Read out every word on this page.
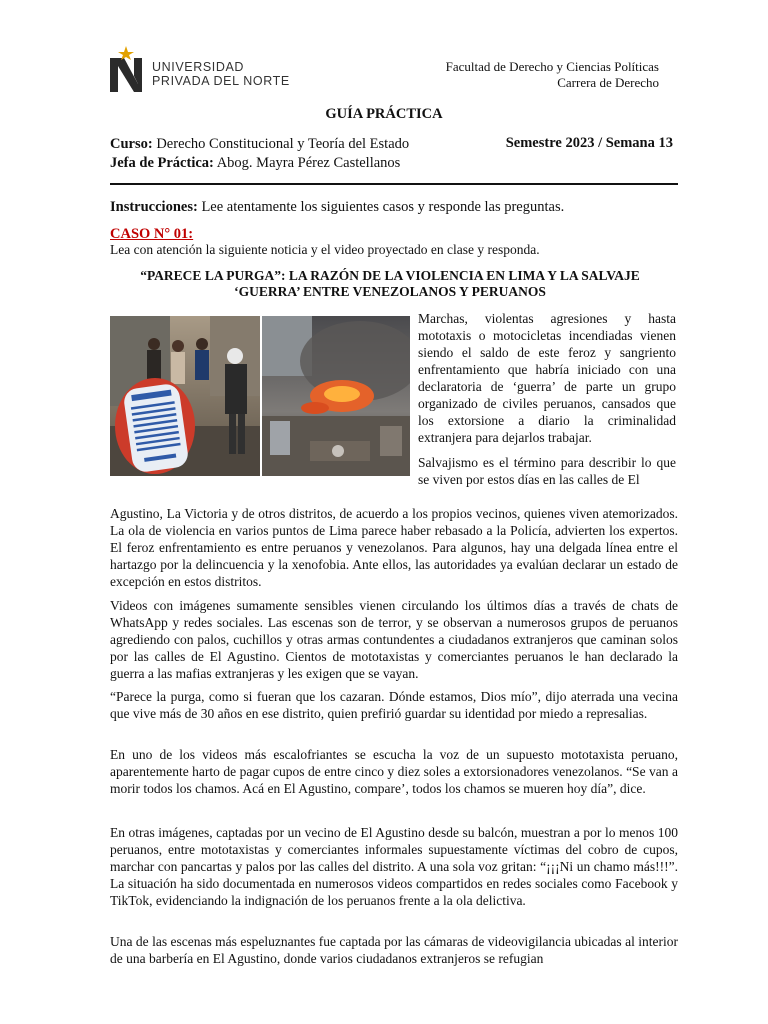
UNIVERSIDAD
PRIVADA DEL NORTE
Facultad de Derecho y Ciencias Políticas
Carrera de Derecho
GUÍA PRÁCTICA
Curso: Derecho Constitucional y Teoría del Estado
Jefa de Práctica: Abog. Mayra Pérez Castellanos
Semestre 2023 / Semana 13
Instrucciones: Lee atentamente los siguientes casos y responde las preguntas.
CASO N° 01:
Lea con atención la siguiente noticia y el video proyectado en clase y responda.
“PARECE LA PURGA”: LA RAZÓN DE LA VIOLENCIA EN LIMA Y LA SALVAJE
‘GUERRA’ ENTRE VENEZOLANOS Y PERUANOS
Marchas, violentas agresiones y hasta mototaxis o motocicletas incendiadas vienen siendo el saldo de este feroz y sangriento enfrentamiento que habría iniciado con una declaratoria de ‘guerra’ de parte un grupo organizado de civiles peruanos, cansados que los extorsione a diario la criminalidad extranjera para dejarlos trabajar.
Salvajismo es el término para describir lo que se viven por estos días en las calles de El
Agustino, La Victoria y de otros distritos, de acuerdo a los propios vecinos, quienes viven atemorizados. La ola de violencia en varios puntos de Lima parece haber rebasado a la Policía, advierten los expertos. El feroz enfrentamiento es entre peruanos y venezolanos. Para algunos, hay una delgada línea entre el hartazgo por la delincuencia y la xenofobia. Ante ellos, las autoridades ya evalúan declarar un estado de excepción en estos distritos.
Videos con imágenes sumamente sensibles vienen circulando los últimos días a través de chats de WhatsApp y redes sociales. Las escenas son de terror, y se observan a numerosos grupos de peruanos agrediendo con palos, cuchillos y otras armas contundentes a ciudadanos extranjeros que caminan solos por las calles de El Agustino. Cientos de mototaxistas y comerciantes peruanos le han declarado la guerra a las mafias extranjeras y les exigen que se vayan.
“Parece la purga, como si fueran que los cazaran. Dónde estamos, Dios mío”, dijo aterrada una vecina que vive más de 30 años en ese distrito, quien prefirió guardar su identidad por miedo a represalias.
En uno de los videos más escalofriantes se escucha la voz de un supuesto mototaxista peruano, aparentemente harto de pagar cupos de entre cinco y diez soles a extorsionadores venezolanos. “Se van a morir todos los chamos. Acá en El Agustino, compare’, todos los chamos se mueren hoy día”, dice.
En otras imágenes, captadas por un vecino de El Agustino desde su balcón, muestran a por lo menos 100 peruanos, entre mototaxistas y comerciantes informales supuestamente víctimas del cobro de cupos, marchar con pancartas y palos por las calles del distrito. A una sola voz gritan: “¡¡¡Ni un chamo más!!!”. La situación ha sido documentada en numerosos videos compartidos en redes sociales como Facebook y TikTok, evidenciando la indignación de los peruanos frente a la ola delictiva.
Una de las escenas más espeluznantes fue captada por las cámaras de videovigilancia ubicadas al interior de una barbería en El Agustino, donde varios ciudadanos extranjeros se refugian
